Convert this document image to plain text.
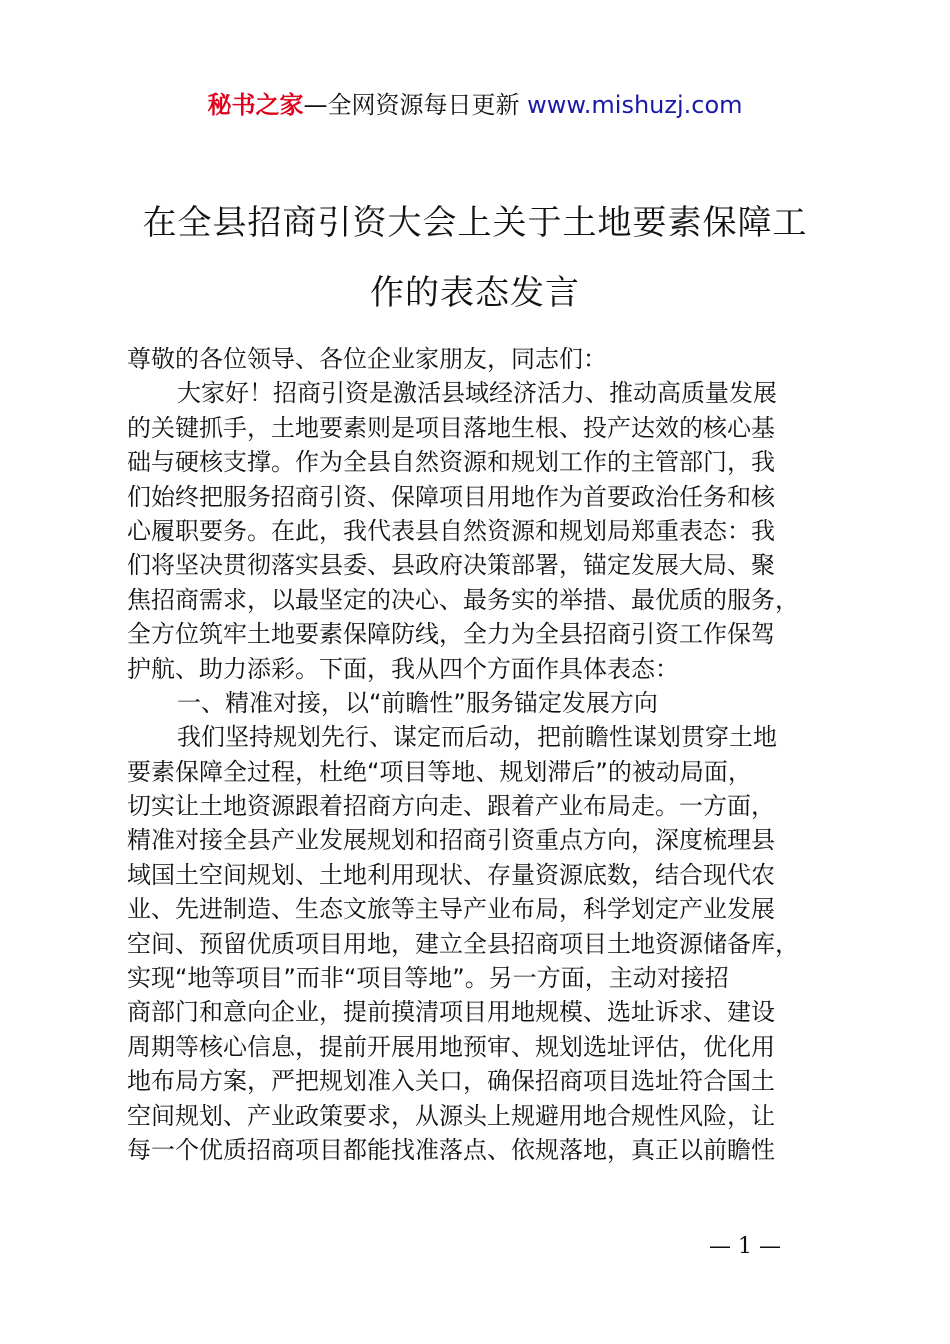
秘书之家—全网资源每日更新 www.mishuzj.com
在全县招商引资大会上关于土地要素保障工
作的表态发言
尊敬的各位领导、各位企业家朋友，同志们：
大家好！招商引资是激活县域经济活力、推动高质量发展
的关键抓手，土地要素则是项目落地生根、投产达效的核心基
础与硬核支撑。作为全县自然资源和规划工作的主管部门，我
们始终把服务招商引资、保障项目用地作为首要政治任务和核
心履职要务。在此，我代表县自然资源和规划局郑重表态：我
们将坚决贯彻落实县委、县政府决策部署，锚定发展大局、聚
焦招商需求，以最坚定的决心、最务实的举措、最优质的服务，
全方位筑牢土地要素保障防线，全力为全县招商引资工作保驾
护航、助力添彩。下面，我从四个方面作具体表态：
一、精准对接，以“前瞻性”服务锚定发展方向
我们坚持规划先行、谋定而后动，把前瞻性谋划贯穿土地
要素保障全过程，杜绝“项目等地、规划滞后”的被动局面，
切实让土地资源跟着招商方向走、跟着产业布局走。一方面，
精准对接全县产业发展规划和招商引资重点方向，深度梳理县
域国土空间规划、土地利用现状、存量资源底数，结合现代农
业、先进制造、生态文旅等主导产业布局，科学划定产业发展
空间、预留优质项目用地，建立全县招商项目土地资源储备库，
实现“地等项目”而非“项目等地”。另一方面，主动对接招
商部门和意向企业，提前摸清项目用地规模、选址诉求、建设
周期等核心信息，提前开展用地预审、规划选址评估，优化用
地布局方案，严把规划准入关口，确保招商项目选址符合国土
空间规划、产业政策要求，从源头上规避用地合规性风险，让
每一个优质招商项目都能找准落点、依规落地，真正以前瞻性
— 1 —
